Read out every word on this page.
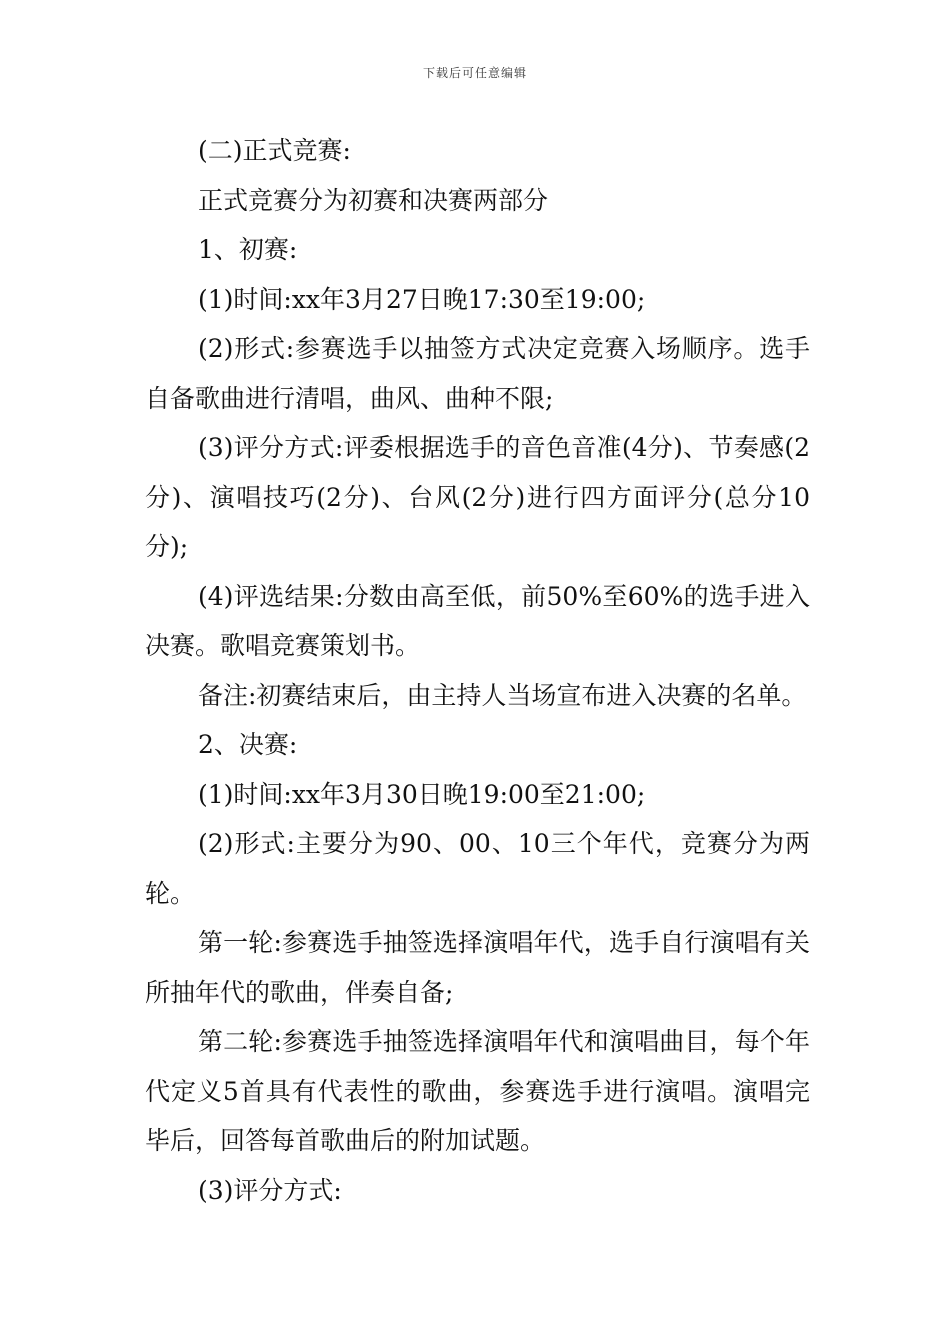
下载后可任意编辑

(二)正式竞赛:

正式竞赛分为初赛和决赛两部分

1、初赛:

(1)时间:xx年3月27日晚17:30至19:00;

(2)形式:参赛选手以抽签方式决定竞赛入场顺序。选手自备歌曲进行清唱，曲风、曲种不限;

(3)评分方式:评委根据选手的音色音准(4分)、节奏感(2分)、演唱技巧(2分)、台风(2分)进行四方面评分(总分10分);

(4)评选结果:分数由高至低，前50%至60%的选手进入决赛。歌唱竞赛策划书。

备注:初赛结束后，由主持人当场宣布进入决赛的名单。

2、决赛:

(1)时间:xx年3月30日晚19:00至21:00;

(2)形式:主要分为90、00、10三个年代，竞赛分为两轮。

第一轮:参赛选手抽签选择演唱年代，选手自行演唱有关所抽年代的歌曲，伴奏自备;

第二轮:参赛选手抽签选择演唱年代和演唱曲目，每个年代定义5首具有代表性的歌曲，参赛选手进行演唱。演唱完毕后，回答每首歌曲后的附加试题。

(3)评分方式:
